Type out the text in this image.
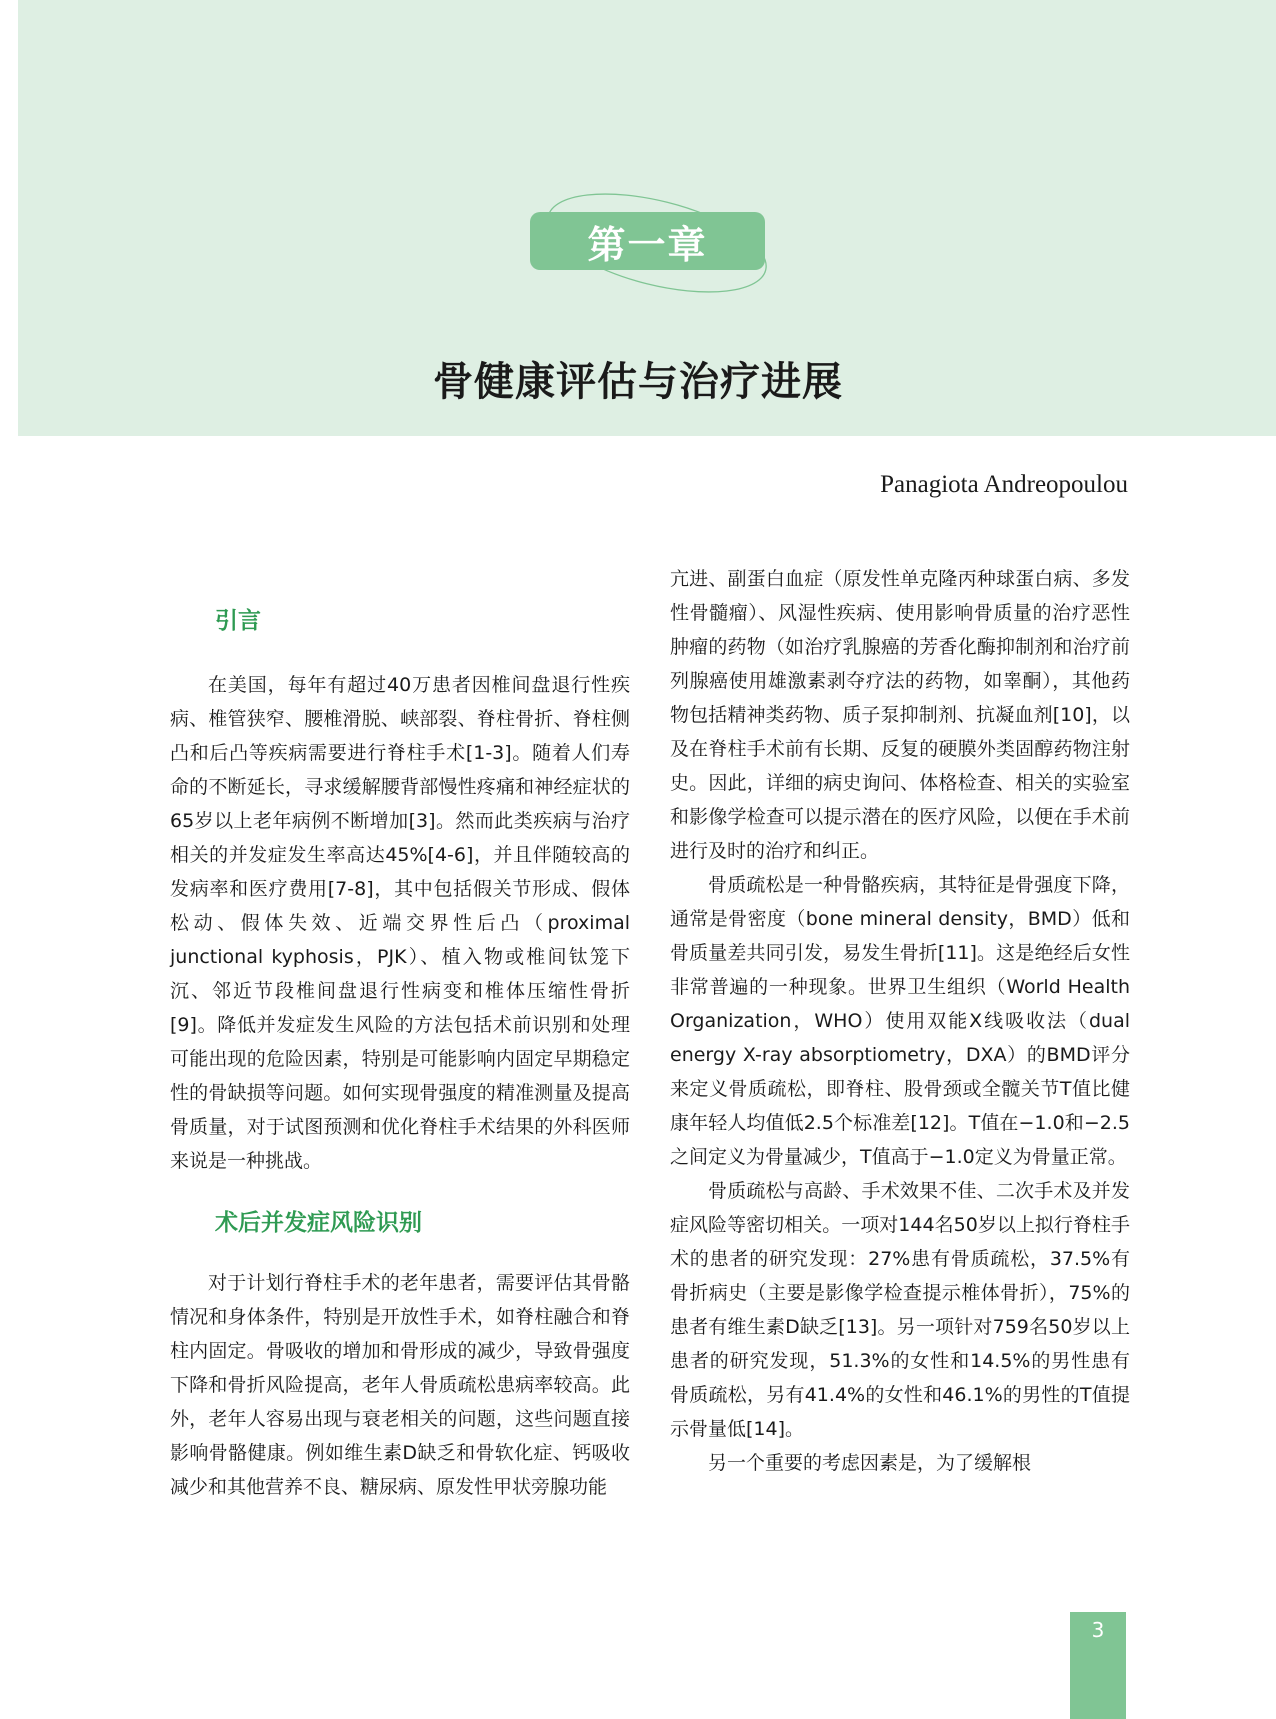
第一章
骨健康评估与治疗进展
Panagiota Andreopoulou
引言

在美国，每年有超过40万患者因椎间盘退行性疾病、椎管狭窄、腰椎滑脱、峡部裂、脊柱骨折、脊柱侧凸和后凸等疾病需要进行脊柱手术[1-3]。随着人们寿命的不断延长，寻求缓解腰背部慢性疼痛和神经症状的65岁以上老年病例不断增加[3]。然而此类疾病与治疗相关的并发症发生率高达45%[4-6]，并且伴随较高的发病率和医疗费用[7-8]，其中包括假关节形成、假体松动、假体失效、近端交界性后凸（proximal junctional kyphosis，PJK）、植入物或椎间钛笼下沉、邻近节段椎间盘退行性病变和椎体压缩性骨折[9]。降低并发症发生风险的方法包括术前识别和处理可能出现的危险因素，特别是可能影响内固定早期稳定性的骨缺损等问题。如何实现骨强度的精准测量及提高骨质量，对于试图预测和优化脊柱手术结果的外科医师来说是一种挑战。

术后并发症风险识别

对于计划行脊柱手术的老年患者，需要评估其骨骼情况和身体条件，特别是开放性手术，如脊柱融合和脊柱内固定。骨吸收的增加和骨形成的减少，导致骨强度下降和骨折风险提高，老年人骨质疏松患病率较高。此外，老年人容易出现与衰老相关的问题，这些问题直接影响骨骼健康。例如维生素D缺乏和骨软化症、钙吸收减少和其他营养不良、糖尿病、原发性甲状旁腺功能

亢进、副蛋白血症（原发性单克隆丙种球蛋白病、多发性骨髓瘤）、风湿性疾病、使用影响骨质量的治疗恶性肿瘤的药物（如治疗乳腺癌的芳香化酶抑制剂和治疗前列腺癌使用雄激素剥夺疗法的药物，如睾酮），其他药物包括精神类药物、质子泵抑制剂、抗凝血剂[10]，以及在脊柱手术前有长期、反复的硬膜外类固醇药物注射史。因此，详细的病史询问、体格检查、相关的实验室和影像学检查可以提示潜在的医疗风险，以便在手术前进行及时的治疗和纠正。

骨质疏松是一种骨骼疾病，其特征是骨强度下降，通常是骨密度（bone mineral density，BMD）低和骨质量差共同引发，易发生骨折[11]。这是绝经后女性非常普遍的一种现象。世界卫生组织（World Health Organization，WHO）使用双能X线吸收法（dual energy X-ray absorptiometry，DXA）的BMD评分来定义骨质疏松，即脊柱、股骨颈或全髋关节T值比健康年轻人均值低2.5个标准差[12]。T值在−1.0和−2.5之间定义为骨量减少，T值高于−1.0定义为骨量正常。

骨质疏松与高龄、手术效果不佳、二次手术及并发症风险等密切相关。一项对144名50岁以上拟行脊柱手术的患者的研究发现：27%患有骨质疏松，37.5%有骨折病史（主要是影像学检查提示椎体骨折），75%的患者有维生素D缺乏[13]。另一项针对759名50岁以上患者的研究发现，51.3%的女性和14.5%的男性患有骨质疏松，另有41.4%的女性和46.1%的男性的T值提示骨量低[14]。

另一个重要的考虑因素是，为了缓解根

3
